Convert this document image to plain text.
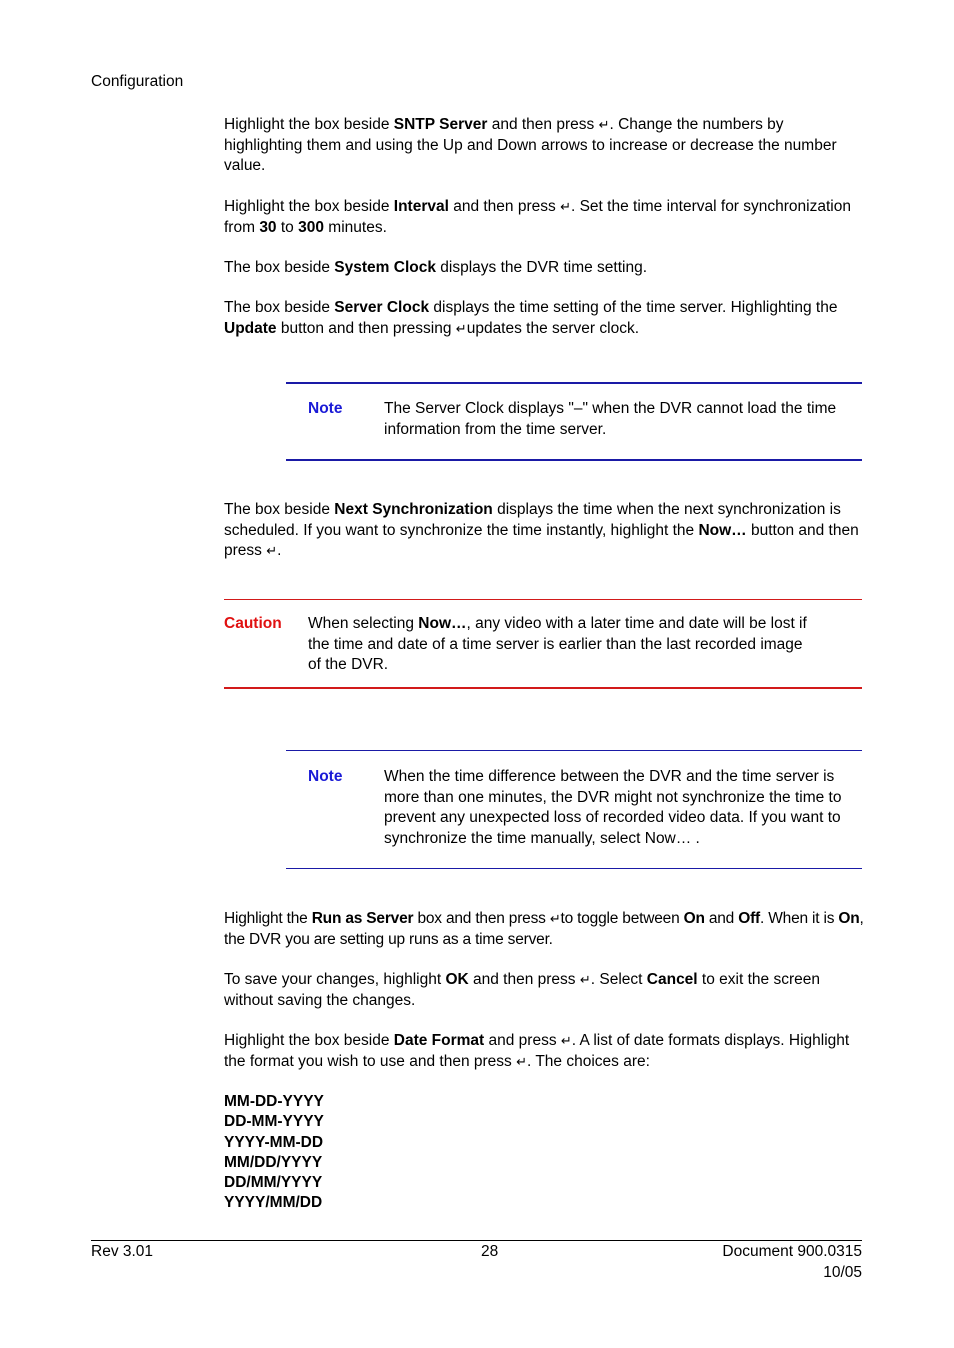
Configuration

Highlight the box beside SNTP Server and then press ↵. Change the numbers by highlighting them and using the Up and Down arrows to increase or decrease the number value.

Highlight the box beside Interval and then press ↵. Set the time interval for synchronization from 30 to 300 minutes.

The box beside System Clock displays the DVR time setting.

The box beside Server Clock displays the time setting of the time server. Highlighting the Update button and then pressing ↵updates the server clock.

Note	The Server Clock displays "–" when the DVR cannot load the time information from the time server.

The box beside Next Synchronization displays the time when the next synchronization is scheduled. If you want to synchronize the time instantly, highlight the Now… button and then press ↵.

Caution When selecting Now…, any video with a later time and date will be lost if the time and date of a time server is earlier than the last recorded image of the DVR.

Note	When the time difference between the DVR and the time server is more than one minutes, the DVR might not synchronize the time to prevent any unexpected loss of recorded video data. If you want to synchronize the time manually, select Now… .

Highlight the Run as Server box and then press ↵to toggle between On and Off. When it is On, the DVR you are setting up runs as a time server.

To save your changes, highlight OK and then press ↵. Select Cancel to exit the screen without saving the changes.

Highlight the box beside Date Format and press ↵. A list of date formats displays. Highlight the format you wish to use and then press ↵. The choices are:

MM-DD-YYYY
DD-MM-YYYY
YYYY-MM-DD
MM/DD/YYYY
DD/MM/YYYY
YYYY/MM/DD

Rev 3.01	28	Document 900.0315

10/05
